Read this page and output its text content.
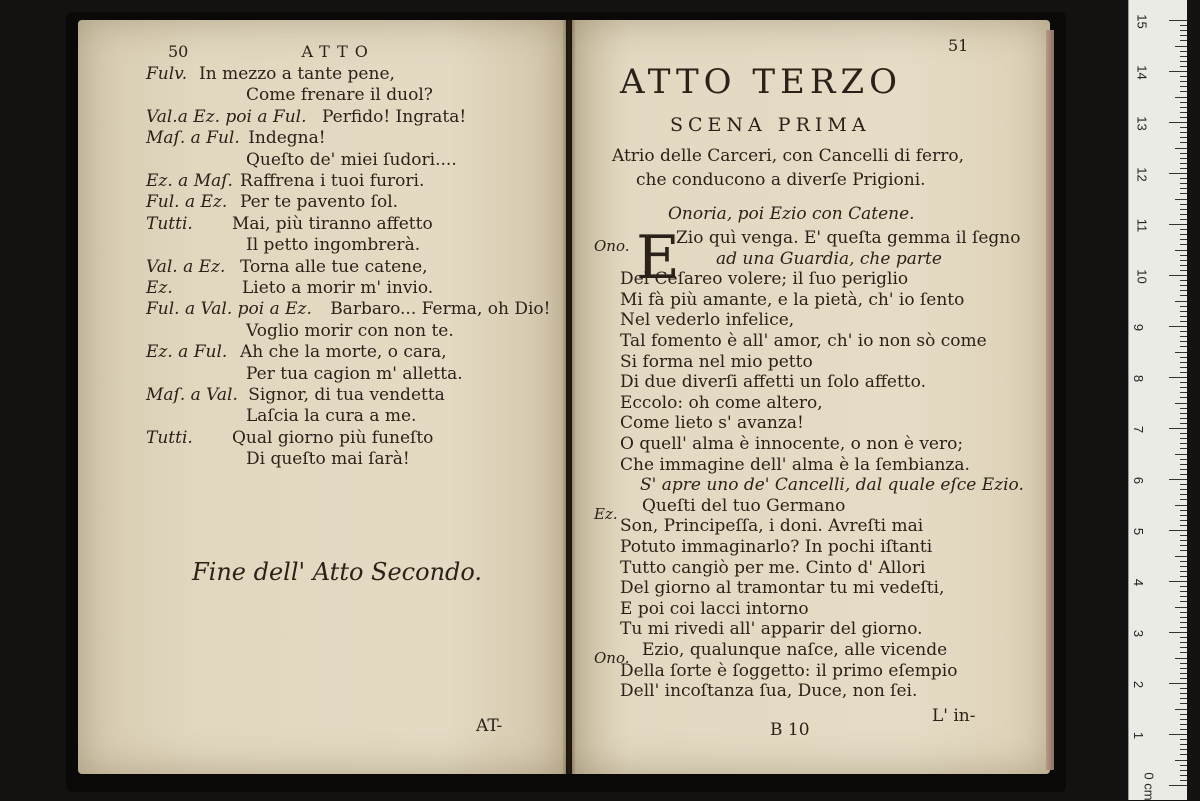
50	ATTO
Fulv. In mezzo a tante pene,
Come frenare il duol?
Val.a Ez. poi a Ful. Perfido! Ingrata!
Maſ. a Ful. Indegna!
Queſto de' miei ſudori....
Ez. a Maſ. Raffrena i tuoi furori.
Ful. a Ez. Per te pavento ſol.
Tutti. Mai, più tiranno affetto
Il petto ingombrerà.
Val. a Ez. Torna alle tue catene,
Ez.	Lieto a morir m' invio.
Ful. a Val. poi a Ez. Barbaro... Ferma, oh Dio!
Voglio morir con non te.
Ez. a Ful. Ah che la morte, o cara,
Per tua cagion m' alletta.
Maſ. a Val. Signor, di tua vendetta
Laſcia la cura a me.
Tutti. Qual giorno più funeſto
Di queſto mai ſarà!
Fine dell' Atto Secondo.
AT-
51
ATTO TERZO
SCENA PRIMA
Atrio delle Carceri, con Cancelli di ferro,
che conducono a diverſe Prigioni.
Onoria, poi Ezio con Catene.
E
Ono.	Zio quì venga. E' queſta gemma il ſegno
ad una Guardia, che parte
Del Ceſareo volere; il ſuo periglio
Mi fà più amante, e la pietà, ch' io ſento
Nel vederlo infelice,
Tal fomento è all' amor, ch' io non sò come
Si forma nel mio petto
Di due diverſi affetti un ſolo affetto.
Eccolo: oh come altero,
Come lieto s' avanza!
O quell' alma è innocente, o non è vero;
Che immagine dell' alma è la ſembianza.
S' apre uno de' Cancelli, dal quale eſce Ezio.
Ez. Queſti del tuo Germano
Son, Principeſſa, i doni. Avreſti mai
Potuto immaginarlo? In pochi iſtanti
Tutto cangiò per me. Cinto d' Allori
Del giorno al tramontar tu mi vedeſti,
E poi coi lacci intorno
Tu mi rivedi all' apparir del giorno.
Ono. Ezio, qualunque naſce, alle vicende
Della ſorte è ſoggetto: il primo eſempio
Dell' incoſtanza ſua, Duce, non ſei.
B 10
L' in-
15
14
13
12
11
10
9
8
7
6
5
4
3
2
1
0 cm
